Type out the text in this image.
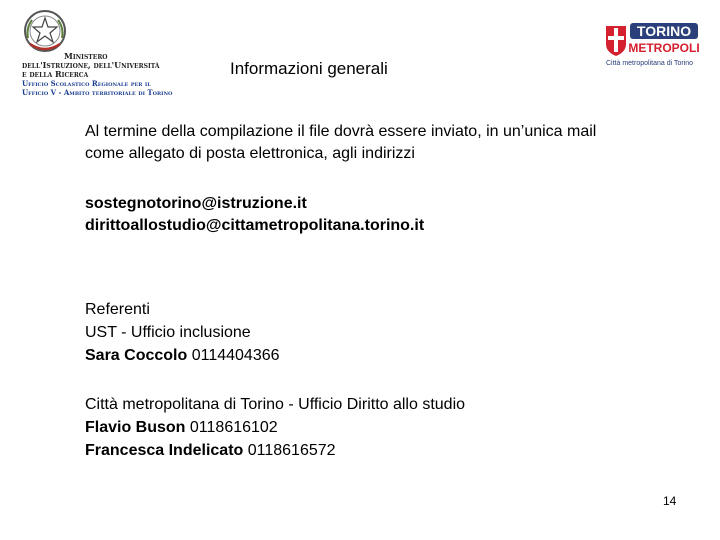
Ministero
dell'Istruzione, dell'Università
e della Ricerca
Ufficio Scolastico Regionale per il
Ufficio V - Ambito territoriale di Torino
TORINO
METROPOLI
Città metropolitana di Torino
Informazioni generali
Al termine della compilazione il file dovrà essere inviato, in un’unica mail
come allegato di posta elettronica, agli indirizzi
sostegnotorino@istruzione.it
dirittoallostudio@cittametropolitana.torino.it
Referenti
UST - Ufficio inclusione
Sara Coccolo 0114404366
Città metropolitana di Torino - Ufficio Diritto allo studio
Flavio Buson 0118616102
Francesca Indelicato 0118616572
14
